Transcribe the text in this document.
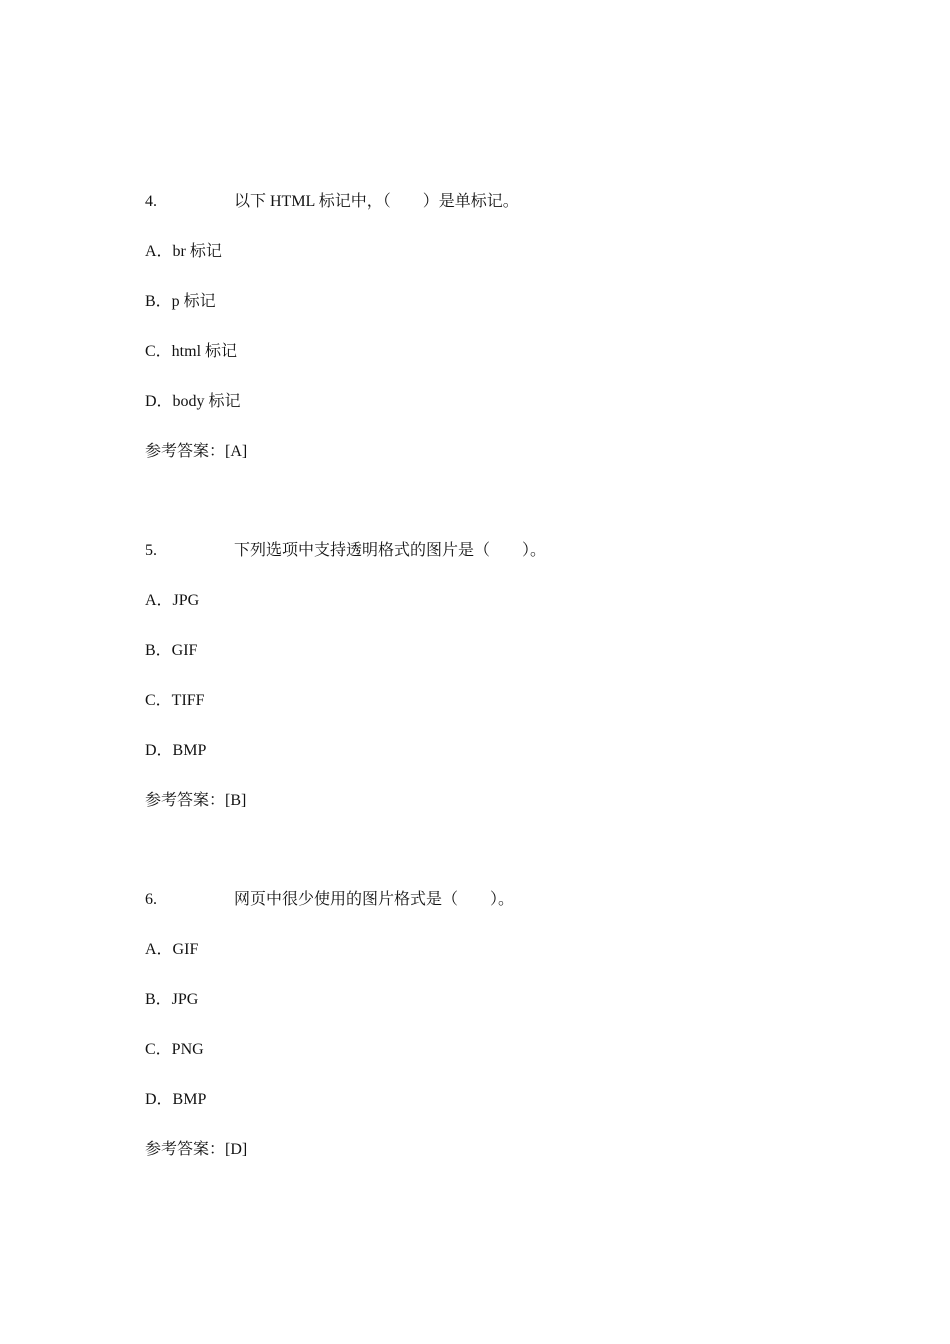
4.	以下 HTML 标记中，（　　）是单标记。
A．br 标记
B．p 标记
C．html 标记
D．body 标记
参考答案：[A]
5.	下列选项中支持透明格式的图片是（　　）。
A．JPG
B．GIF
C．TIFF
D．BMP
参考答案：[B]
6.	网页中很少使用的图片格式是（　　）。
A．GIF
B．JPG
C．PNG
D．BMP
参考答案：[D]
